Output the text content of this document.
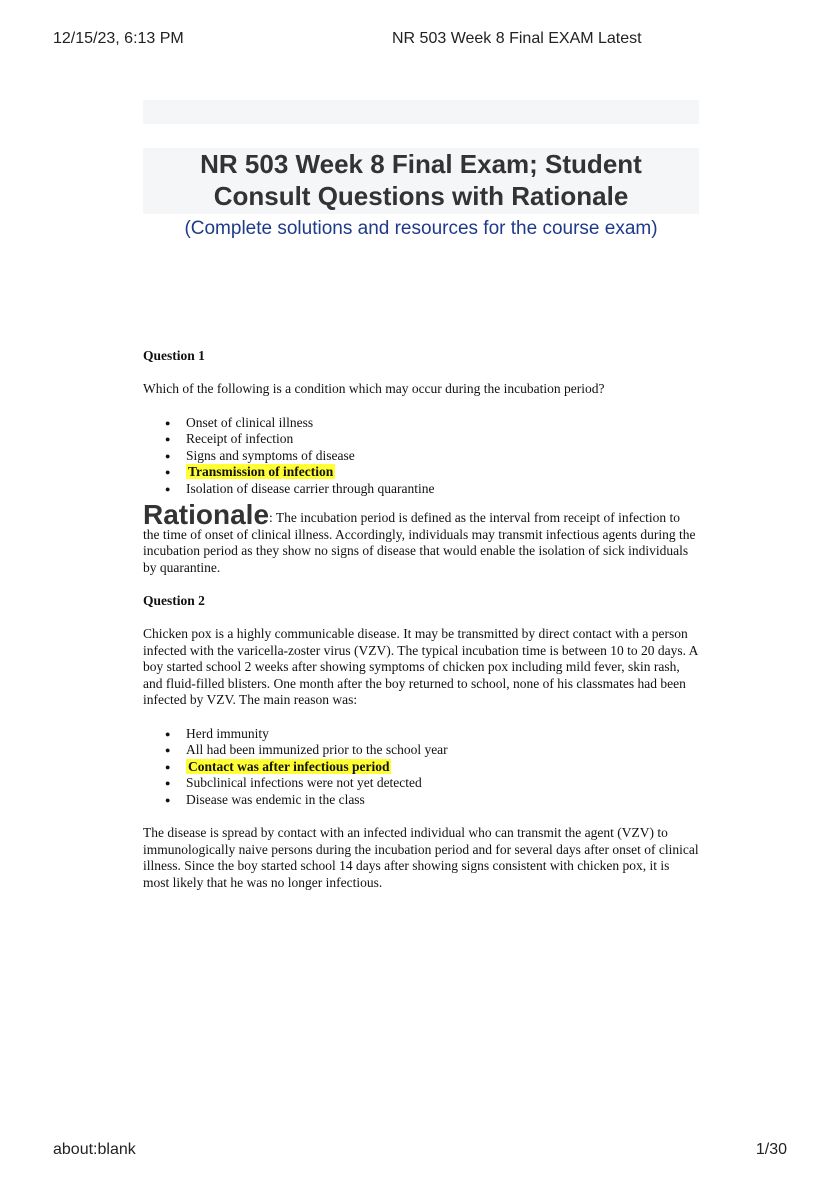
12/15/23, 6:13 PM	NR 503 Week 8 Final EXAM Latest
NR 503 Week 8 Final Exam; Student
Consult Questions with Rationale
(Complete solutions and resources for the course exam)

Question 1

Which of the following is a condition which may occur during the incubation period?

● Onset of clinical illness
● Receipt of infection
● Signs and symptoms of disease
● Transmission of infection
● Isolation of disease carrier through quarantine

Rationale: The incubation period is defined as the interval from receipt of infection to the time of onset of clinical illness. Accordingly, individuals may transmit infectious agents during the incubation period as they show no signs of disease that would enable the isolation of sick individuals by quarantine.

Question 2

Chicken pox is a highly communicable disease. It may be transmitted by direct contact with a person infected with the varicella-zoster virus (VZV). The typical incubation time is between 10 to 20 days. A boy started school 2 weeks after showing symptoms of chicken pox including mild fever, skin rash, and fluid-filled blisters. One month after the boy returned to school, none of his classmates had been infected by VZV. The main reason was:

● Herd immunity
● All had been immunized prior to the school year
● Contact was after infectious period
● Subclinical infections were not yet detected
● Disease was endemic in the class

The disease is spread by contact with an infected individual who can transmit the agent (VZV) to immunologically naive persons during the incubation period and for several days after onset of clinical illness. Since the boy started school 14 days after showing signs consistent with chicken pox, it is most likely that he was no longer infectious.

about:blank	1/30
